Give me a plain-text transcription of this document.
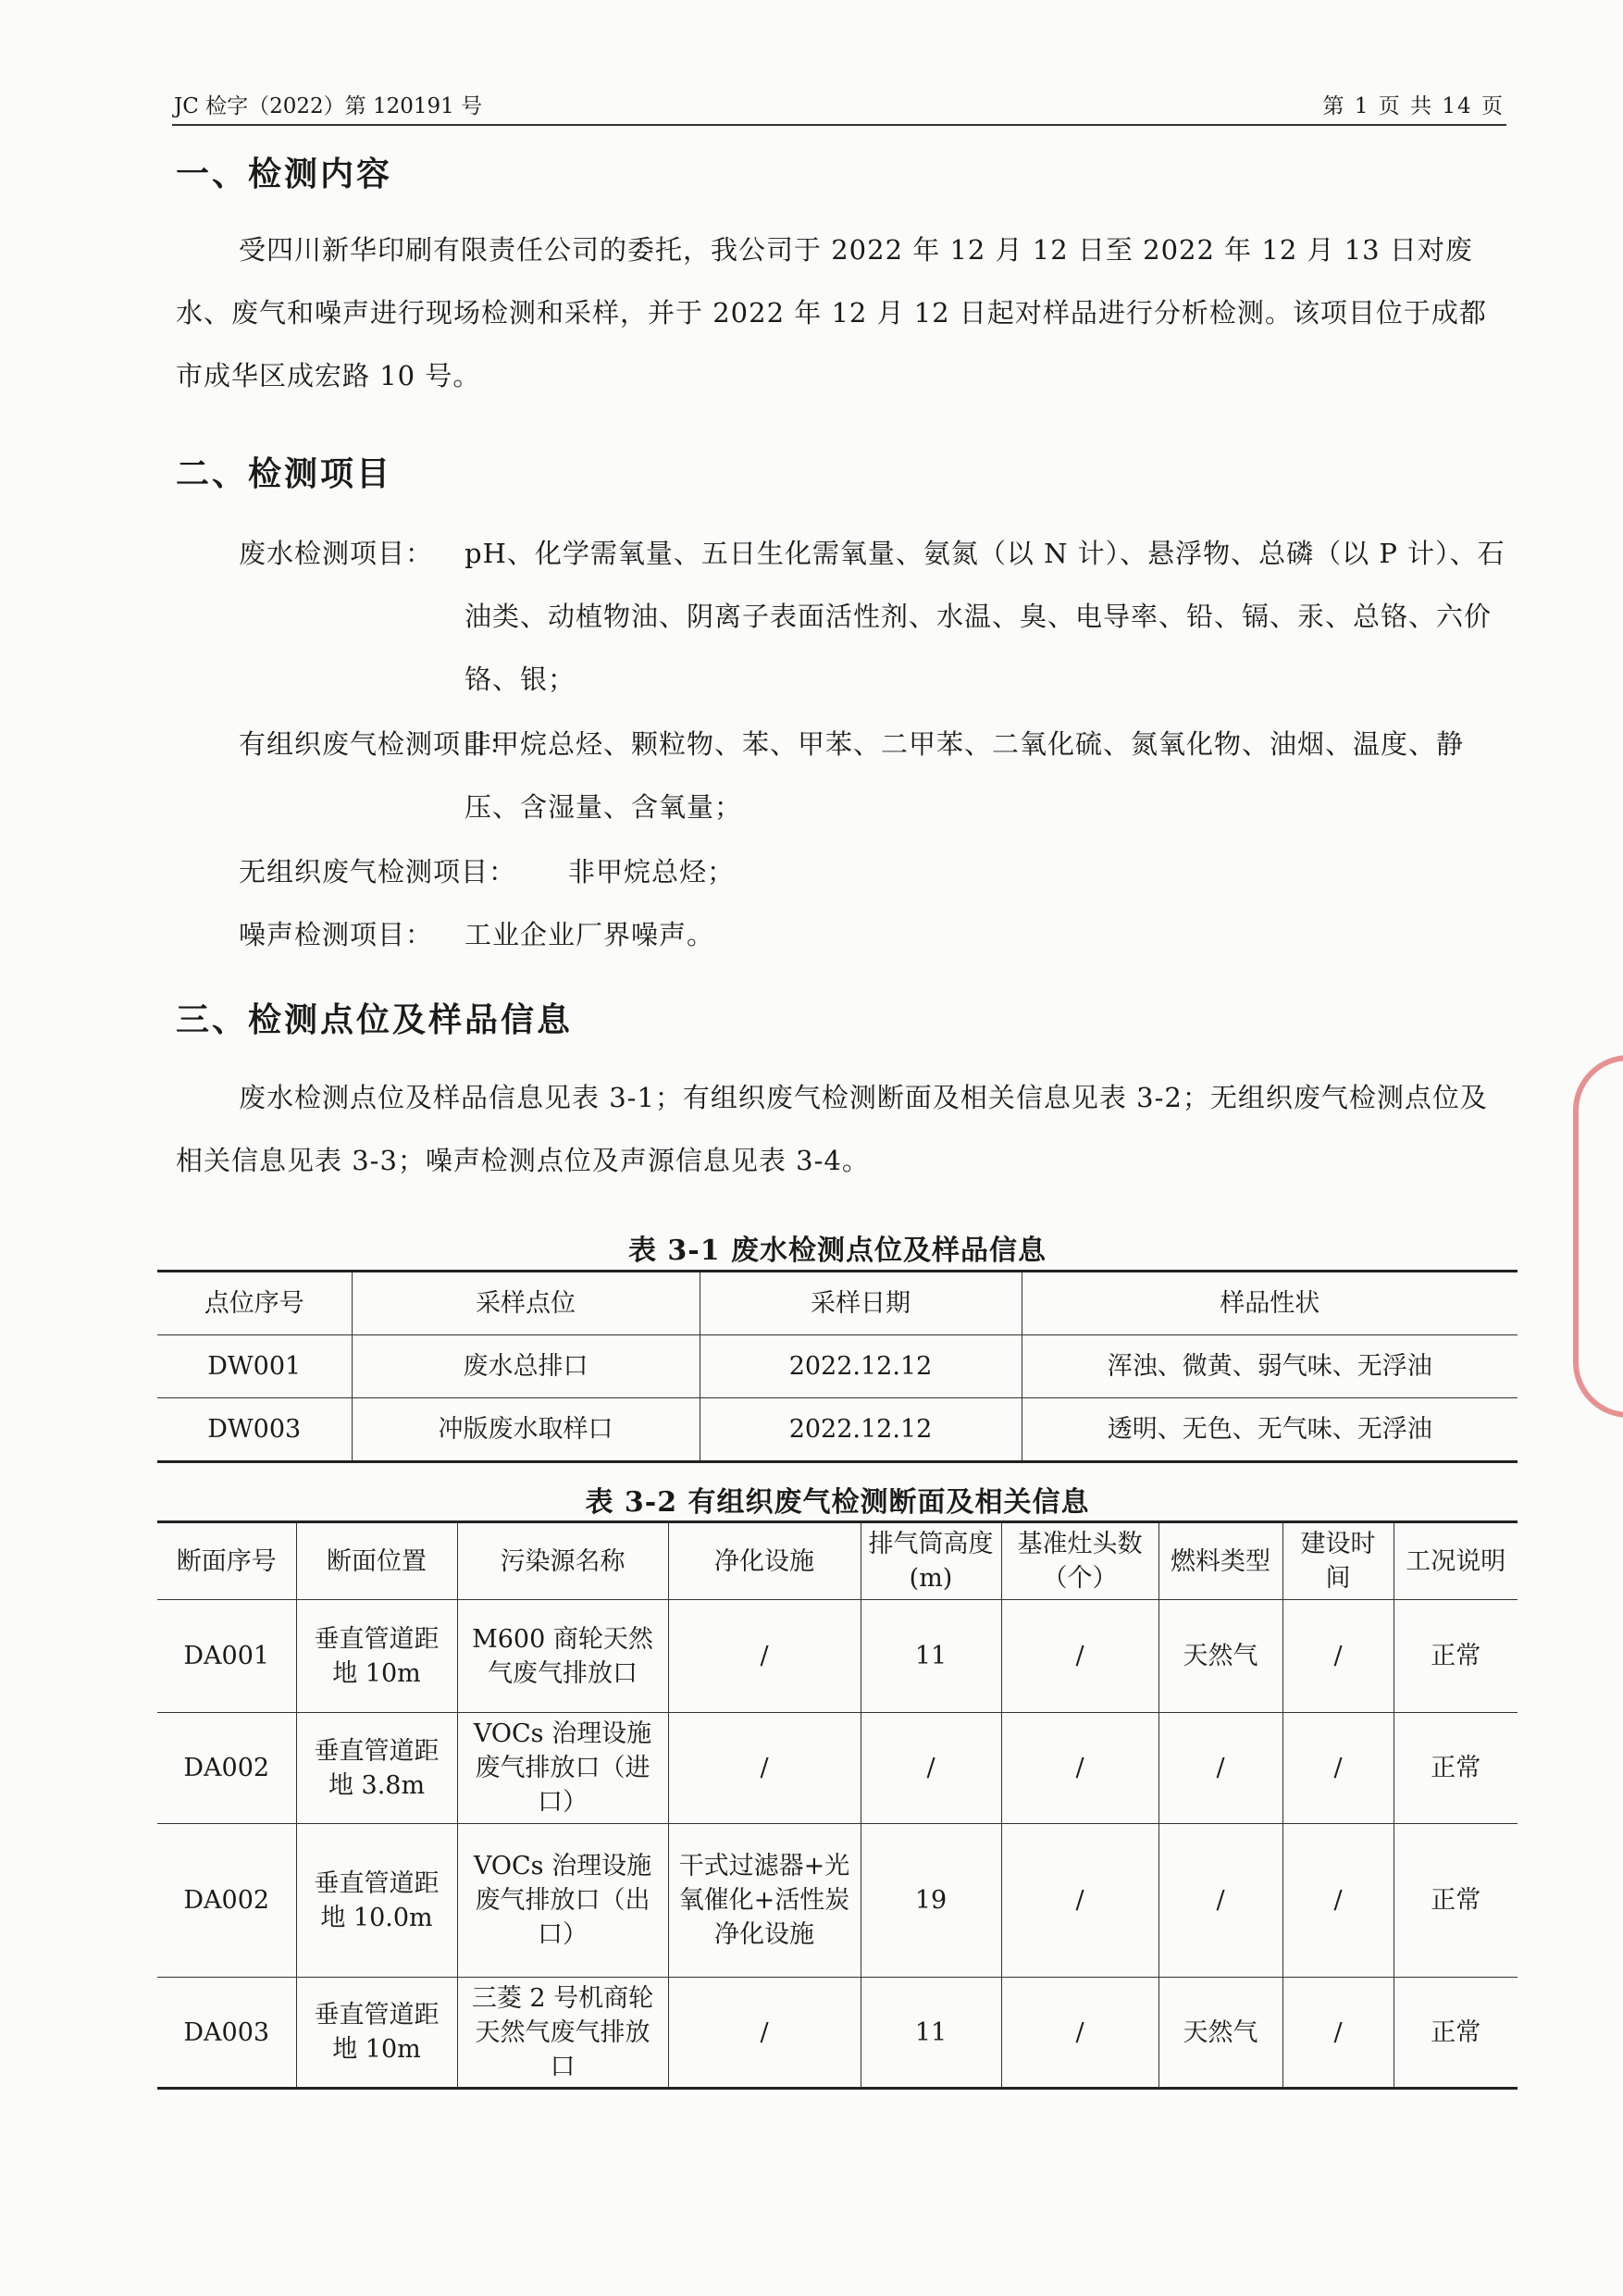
JC 检字（2022）第 120191 号	第 1 页 共 14 页
一、检测内容

受四川新华印刷有限责任公司的委托，我公司于 2022 年 12 月 12 日至 2022 年 12 月 13 日对废水、废气和噪声进行现场检测和采样，并于 2022 年 12 月 12 日起对样品进行分析检测。该项目位于成都市成华区成宏路 10 号。

二、检测项目
废水检测项目： pH、化学需氧量、五日生化需氧量、氨氮（以 N 计）、悬浮物、总磷（以 P 计）、石油类、动植物油、阴离子表面活性剂、水温、臭、电导率、铅、镉、汞、总铬、六价铬、银；
有组织废气检测项目：
非甲烷总烃、颗粒物、苯、甲苯、二甲苯、二氧化硫、氮氧化物、油烟、温度、静压、含湿量、含氧量；
无组织废气检测项目： 非甲烷总烃；
噪声检测项目： 工业企业厂界噪声。
三、检测点位及样品信息

废水检测点位及样品信息见表 3-1；有组织废气检测断面及相关信息见表 3-2；无组织废气检测点位及相关信息见表 3-3；噪声检测点位及声源信息见表 3-4。

表 3-1 废水检测点位及样品信息
点位序号	采样点位	采样日期	样品性状
DW001	废水总排口	2022.12.12	浑浊、微黄、弱气味、无浮油
DW003	冲版废水取样口	2022.12.12	透明、无色、无气味、无浮油
表 3-2 有组织废气检测断面及相关信息
断面序号	断面位置	污染源名称	净化设施	排气筒高度(m)	基准灶头数（个）	燃料类型	建设时间	工况说明
DA001	垂直管道距地 10m	M600 商轮天然气废气排放口	/	11	/	天然气	/	正常
DA002	垂直管道距地 3.8m	VOCs 治理设施废气排放口（进口）	/	/	/	/	/	正常
DA002	垂直管道距地 10.0m	VOCs 治理设施废气排放口（出口）	干式过滤器+光氧催化+活性炭净化设施	19	/	/	/	正常
DA003	垂直管道距地 10m	三菱 2 号机商轮天然气废气排放口	/	11	/	天然气	/	正常
